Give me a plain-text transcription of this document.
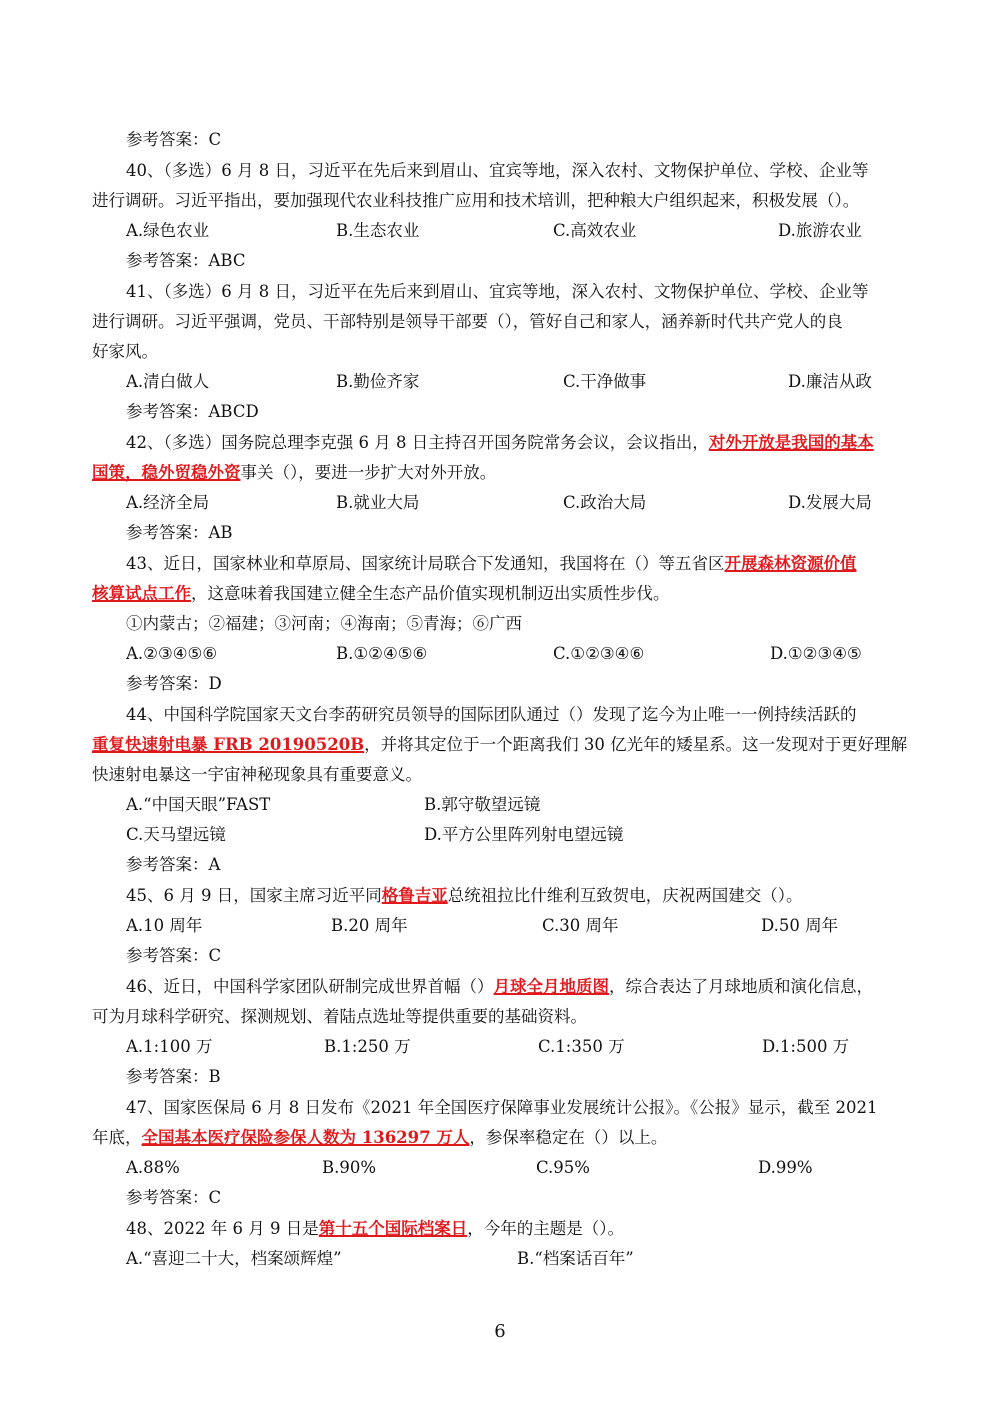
参考答案：C
40、（多选）6 月 8 日，习近平在先后来到眉山、宜宾等地，深入农村、文物保护单位、学校、企业等
进行调研。习近平指出，要加强现代农业科技推广应用和技术培训，把种粮大户组织起来，积极发展（）。
A.绿色农业	B.生态农业	C.高效农业	D.旅游农业
参考答案：ABC
41、（多选）6 月 8 日，习近平在先后来到眉山、宜宾等地，深入农村、文物保护单位、学校、企业等
进行调研。习近平强调，党员、干部特别是领导干部要（），管好自己和家人，涵养新时代共产党人的良
好家风。
A.清白做人	B.勤俭齐家	C.干净做事	D.廉洁从政
参考答案：ABCD
42、（多选）国务院总理李克强 6 月 8 日主持召开国务院常务会议，会议指出，对外开放是我国的基本
国策，稳外贸稳外资事关（），要进一步扩大对外开放。
A.经济全局	B.就业大局	C.政治大局	D.发展大局
参考答案：AB
43、近日，国家林业和草原局、国家统计局联合下发通知，我国将在（）等五省区开展森林资源价值
核算试点工作，这意味着我国建立健全生态产品价值实现机制迈出实质性步伐。
①内蒙古；②福建；③河南；④海南；⑤青海；⑥广西
A.②③④⑤⑥	B.①②④⑤⑥	C.①②③④⑥	D.①②③④⑤
参考答案：D
44、中国科学院国家天文台李菂研究员领导的国际团队通过（）发现了迄今为止唯一一例持续活跃的
重复快速射电暴 FRB 20190520B，并将其定位于一个距离我们 30 亿光年的矮星系。这一发现对于更好理解
快速射电暴这一宇宙神秘现象具有重要意义。
A.“中国天眼”FAST	B.郭守敬望远镜
C.天马望远镜	D.平方公里阵列射电望远镜
参考答案：A
45、6 月 9 日，国家主席习近平同格鲁吉亚总统祖拉比什维利互致贺电，庆祝两国建交（）。
A.10 周年	B.20 周年	C.30 周年	D.50 周年
参考答案：C
46、近日，中国科学家团队研制完成世界首幅（）月球全月地质图，综合表达了月球地质和演化信息，
可为月球科学研究、探测规划、着陆点选址等提供重要的基础资料。
A.1:100 万	B.1:250 万	C.1:350 万	D.1:500 万
参考答案：B
47、国家医保局 6 月 8 日发布《2021 年全国医疗保障事业发展统计公报》。《公报》显示，截至 2021
年底，全国基本医疗保险参保人数为 136297 万人，参保率稳定在（）以上。
A.88%	B.90%	C.95%	D.99%
参考答案：C
48、2022 年 6 月 9 日是第十五个国际档案日，今年的主题是（）。
A.“喜迎二十大，档案颂辉煌”	B.“档案话百年”
6
